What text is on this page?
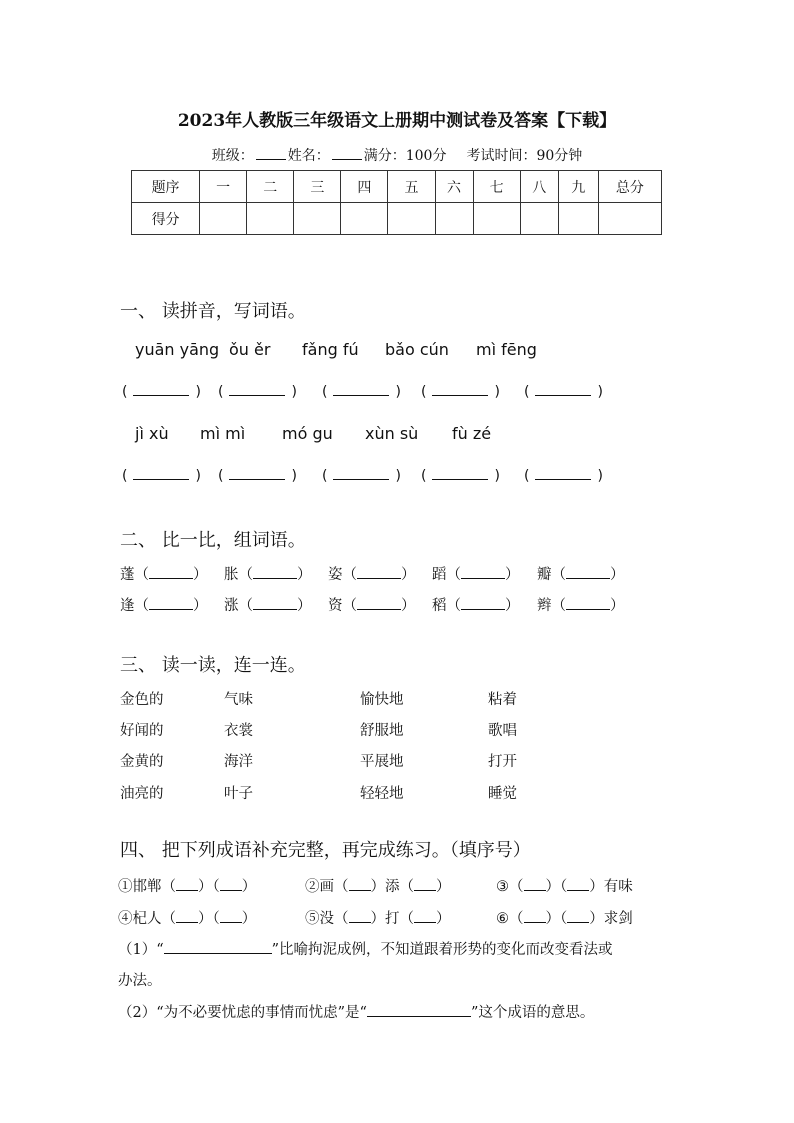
2023年人教版三年级语文上册期中测试卷及答案【下载】
班级： 姓名： 满分：100分 考试时间：90分钟
题序	一	二	三	四	五	六	七	八	九	总分
得分										
一、 读拼音，写词语。
yuān yāng ǒu ěr fǎng fú bǎo cún mì fēng
(	) (	) (	) (	) (	)
jì xù mì mì mó gu xùn sù fù zé
(	) (	) (	) (	) (	)
二、 比一比，组词语。
蓬（	） 胀（	） 姿（	） 蹈（	） 瓣（	）
逢（	） 涨（	） 资（	） 稻（	） 辫（	）
三、 读一读，连一连。
金色的	气味	愉快地	粘着
好闻的	衣裳	舒服地	歌唱
金黄的	海洋	平展地	打开
油亮的	叶子	轻轻地	睡觉
四、 把下列成语补充完整，再完成练习。（填序号）
①邯郸（ ）（ ）	②画（ ）添（ ）	③（ ）（ ）有味
④杞人（ ）（ ）	⑤没（ ）打（ ）	⑥（ ）（ ）求剑
（1）“	”比喻拘泥成例，不知道跟着形势的变化而改变看法或
办法。
（2）“为不必要忧虑的事情而忧虑”是“	”这个成语的意思。
